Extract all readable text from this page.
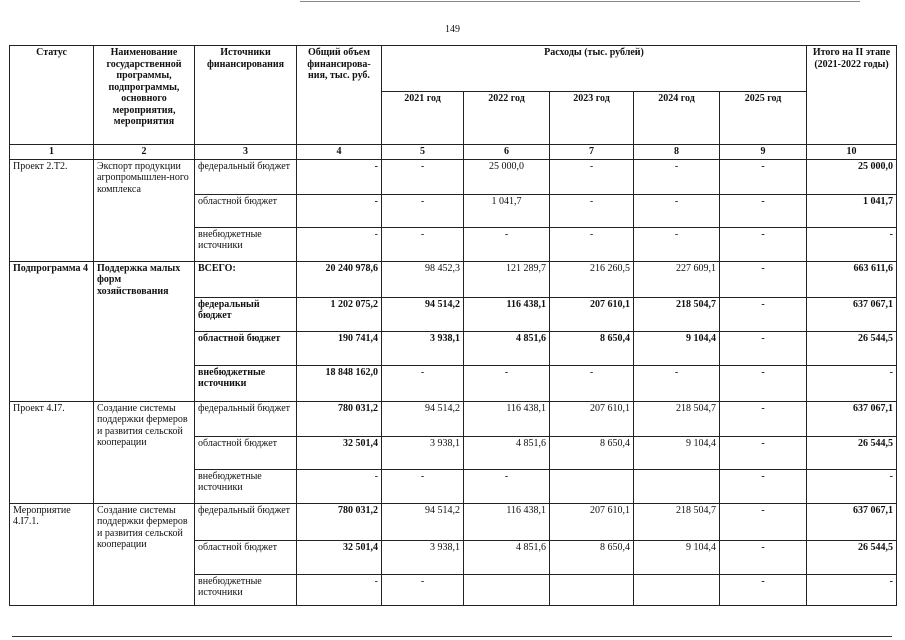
149
Статус	Наименование государственной программы, подпрограммы, основного мероприятия, мероприятия	Источники финансирования	Общий объем финансирова-ния, тыс. руб.	Расходы (тыс. рублей)					Итого на II этапе (2021-2022 годы)
				2021 год	2022 год	2023 год	2024 год	2025 год	
1	2	3	4	5	6	7	8	9	10
Проект 2.Т2.	Экспорт продукции агропромышлен-ного комплекса	федеральный бюджет	-	-	25 000,0	-	-	-	25 000,0
		областной бюджет	-	-	1 041,7	-	-	-	1 041,7
		внебюджетные источники	-	-	-	-	-	-	-
Подпрограмма 4	Поддержка малых форм хозяйствования	ВСЕГО:	20 240 978,6	98 452,3	121 289,7	216 260,5	227 609,1	-	663 611,6
		федеральный бюджет	1 202 075,2	94 514,2	116 438,1	207 610,1	218 504,7	-	637 067,1
		областной бюджет	190 741,4	3 938,1	4 851,6	8 650,4	9 104,4	-	26 544,5
		внебюджетные источники	18 848 162,0	-	-	-	-	-	-
Проект 4.I7.	Создание системы поддержки фермеров и развития сельской кооперации	федеральный бюджет	780 031,2	94 514,2	116 438,1	207 610,1	218 504,7	-	637 067,1
		областной бюджет	32 501,4	3 938,1	4 851,6	8 650,4	9 104,4	-	26 544,5
		внебюджетные источники	-	-	-			-	-
Мероприятие 4.I7.1.	Создание системы поддержки фермеров и развития сельской кооперации	федеральный бюджет	780 031,2	94 514,2	116 438,1	207 610,1	218 504,7	-	637 067,1
		областной бюджет	32 501,4	3 938,1	4 851,6	8 650,4	9 104,4	-	26 544,5
		внебюджетные источники	-	-				-	-
